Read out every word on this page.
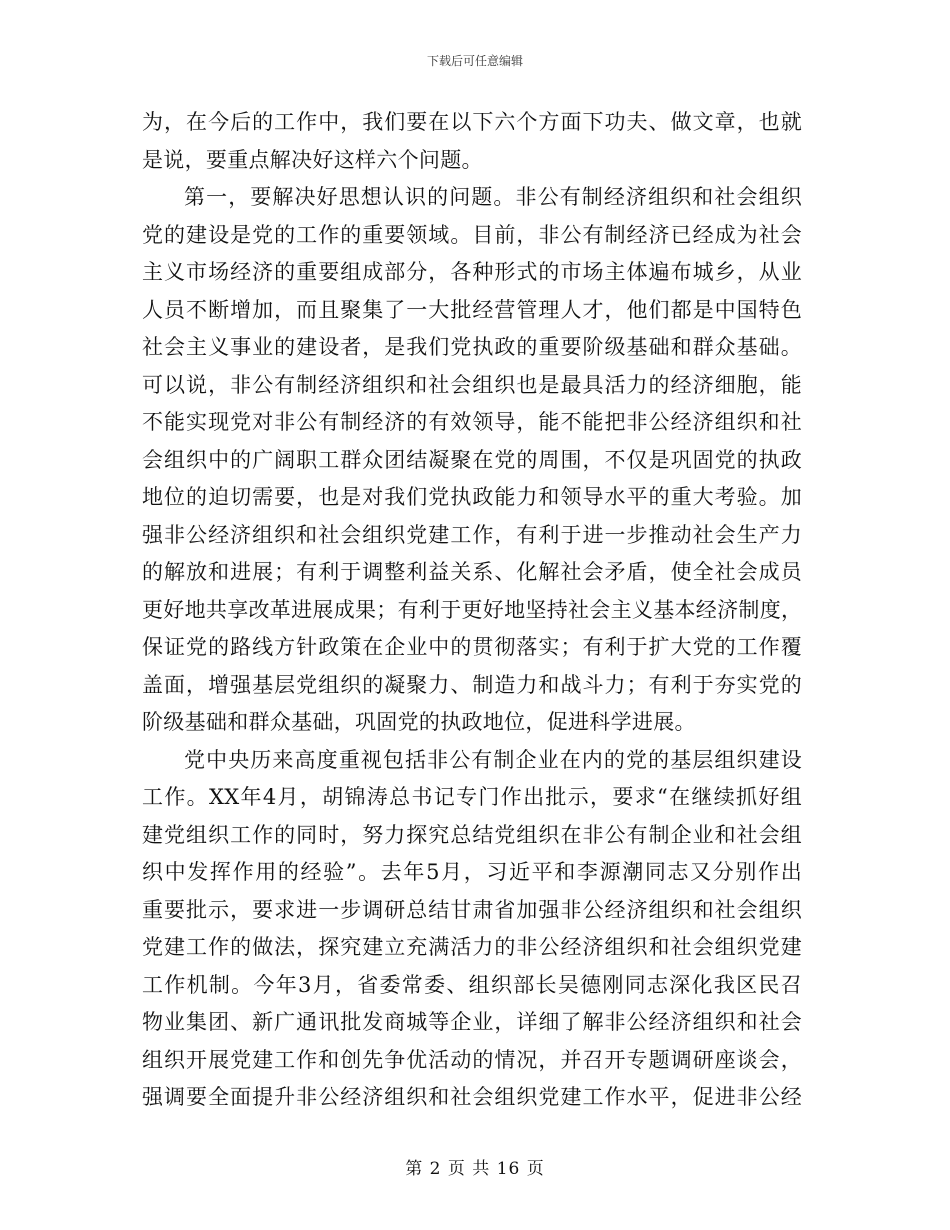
下载后可任意编辑
为，在今后的工作中，我们要在以下六个方面下功夫、做文章，也就
是说，要重点解决好这样六个问题。
第一，要解决好思想认识的问题。非公有制经济组织和社会组织
党的建设是党的工作的重要领域。目前，非公有制经济已经成为社会
主义市场经济的重要组成部分，各种形式的市场主体遍布城乡，从业
人员不断增加，而且聚集了一大批经营管理人才，他们都是中国特色
社会主义事业的建设者，是我们党执政的重要阶级基础和群众基础。
可以说，非公有制经济组织和社会组织也是最具活力的经济细胞，能
不能实现党对非公有制经济的有效领导，能不能把非公经济组织和社
会组织中的广阔职工群众团结凝聚在党的周围，不仅是巩固党的执政
地位的迫切需要，也是对我们党执政能力和领导水平的重大考验。加
强非公经济组织和社会组织党建工作，有利于进一步推动社会生产力
的解放和进展；有利于调整利益关系、化解社会矛盾，使全社会成员
更好地共享改革进展成果；有利于更好地坚持社会主义基本经济制度，
保证党的路线方针政策在企业中的贯彻落实；有利于扩大党的工作覆
盖面，增强基层党组织的凝聚力、制造力和战斗力；有利于夯实党的
阶级基础和群众基础，巩固党的执政地位，促进科学进展。
党中央历来高度重视包括非公有制企业在内的党的基层组织建设
工作。XX年4月，胡锦涛总书记专门作出批示，要求“在继续抓好组
建党组织工作的同时，努力探究总结党组织在非公有制企业和社会组
织中发挥作用的经验”。去年5月，习近平和李源潮同志又分别作出
重要批示，要求进一步调研总结甘肃省加强非公经济组织和社会组织
党建工作的做法，探究建立充满活力的非公经济组织和社会组织党建
工作机制。今年3月，省委常委、组织部长吴德刚同志深化我区民召
物业集团、新广通讯批发商城等企业，详细了解非公经济组织和社会
组织开展党建工作和创先争优活动的情况，并召开专题调研座谈会，
强调要全面提升非公经济组织和社会组织党建工作水平，促进非公经
第 2 页 共 16 页
